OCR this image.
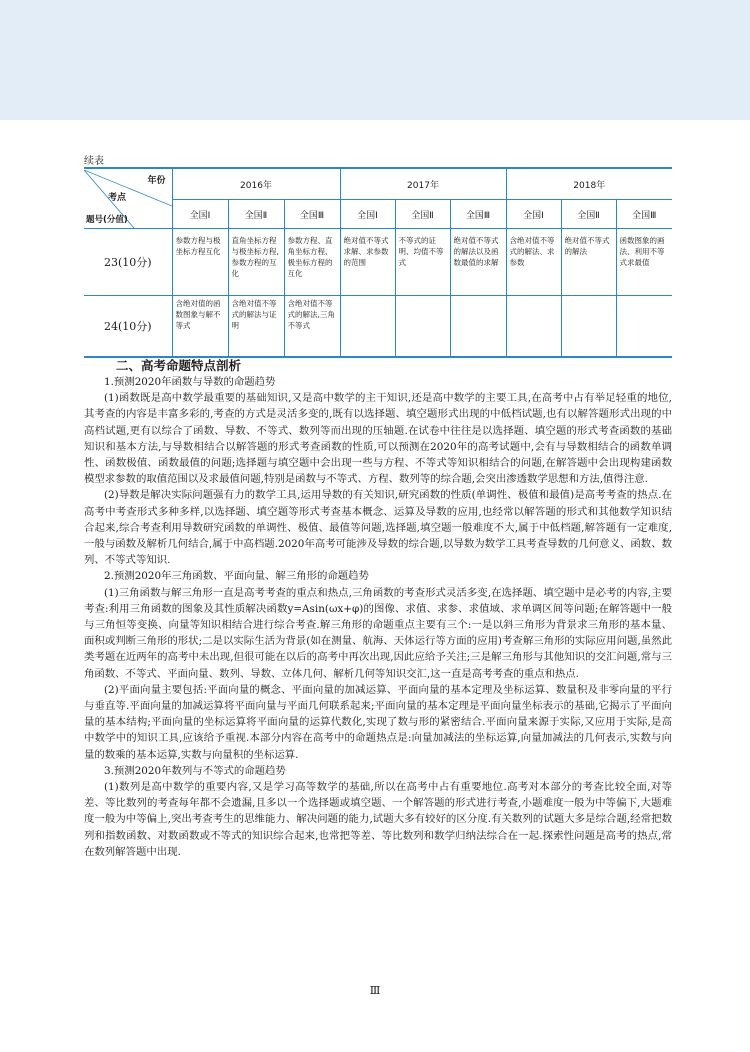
续表
年份
考点
题号(分值)	2016年			2017年			2018年		
	全国Ⅰ	全国Ⅱ	全国Ⅲ	全国Ⅰ	全国Ⅱ	全国Ⅲ	全国Ⅰ	全国Ⅱ	全国Ⅲ
23(10分)	参数方程与极坐标方程互化	直角坐标方程与极坐标方程,参数方程的互化	参数方程、直角坐标方程、极坐标方程的互化	绝对值不等式求解、求参数的范围	不等式的证明、均值不等式	绝对值不等式的解法以及函数最值的求解	含绝对值不等式的解法、求参数	绝对值不等式的解法	函数图象的画法、利用不等式求最值
24(10分)	含绝对值的函数图象与解不等式	含绝对值不等式的解法与证明	含绝对值不等式的解法,三角不等式						
二、高考命题特点剖析

1.预测2020年函数与导数的命题趋势

(1)函数既是高中数学最重要的基础知识,又是高中数学的主干知识,还是高中数学的主要工具,在高考中占有举足轻重的地位,其考查的内容是丰富多彩的,考查的方式是灵活多变的,既有以选择题、填空题形式出现的中低档试题,也有以解答题形式出现的中高档试题,更有以综合了函数、导数、不等式、数列等而出现的压轴题.在试卷中往往是以选择题、填空题的形式考查函数的基础知识和基本方法,与导数相结合以解答题的形式考查函数的性质,可以预测在2020年的高考试题中,会有与导数相结合的函数单调性、函数极值、函数最值的问题;选择题与填空题中会出现一些与方程、不等式等知识相结合的问题,在解答题中会出现构建函数模型求参数的取值范围以及求最值问题,特别是函数与不等式、方程、数列等的综合题,会突出渗透数学思想和方法,值得注意.

(2)导数是解决实际问题强有力的数学工具,运用导数的有关知识,研究函数的性质(单调性、极值和最值)是高考考查的热点.在高考中考查形式多种多样,以选择题、填空题等形式考查基本概念、运算及导数的应用,也经常以解答题的形式和其他数学知识结合起来,综合考查利用导数研究函数的单调性、极值、最值等问题,选择题,填空题一般难度不大,属于中低档题,解答题有一定难度,一般与函数及解析几何结合,属于中高档题.2020年高考可能涉及导数的综合题,以导数为数学工具考查导数的几何意义、函数、数列、不等式等知识.

2.预测2020年三角函数、平面向量、解三角形的命题趋势

(1)三角函数与解三角形一直是高考考查的重点和热点,三角函数的考查形式灵活多变,在选择题、填空题中是必考的内容,主要考查:利用三角函数的图象及其性质解决函数y=Asin(ωx+φ)的图像、求值、求参、求值域、求单调区间等问题;在解答题中一般与三角恒等变换、向量等知识相结合进行综合考查.解三角形的命题重点主要有三个:一是以斜三角形为背景求三角形的基本量、面积或判断三角形的形状;二是以实际生活为背景(如在测量、航海、天体运行等方面的应用)考查解三角形的实际应用问题,虽然此类考题在近两年的高考中未出现,但很可能在以后的高考中再次出现,因此应给予关注;三是解三角形与其他知识的交汇问题,常与三角函数、不等式、平面向量、数列、导数、立体几何、解析几何等知识交汇,这一直是高考考查的重点和热点.

(2)平面向量主要包括:平面向量的概念、平面向量的加减运算、平面向量的基本定理及坐标运算、数量积及非零向量的平行与垂直等.平面向量的加减运算将平面向量与平面几何联系起来;平面向量的基本定理是平面向量坐标表示的基础,它揭示了平面向量的基本结构;平面向量的坐标运算将平面向量的运算代数化,实现了数与形的紧密结合.平面向量来源于实际,又应用于实际,是高中数学中的知识工具,应该给予重视.本部分内容在高考中的命题热点是:向量加减法的坐标运算,向量加减法的几何表示,实数与向量的数乘的基本运算,实数与向量积的坐标运算.

3.预测2020年数列与不等式的命题趋势

(1)数列是高中数学的重要内容,又是学习高等数学的基础,所以在高考中占有重要地位.高考对本部分的考查比较全面,对等差、等比数列的考查每年都不会遗漏,且多以一个选择题或填空题、一个解答题的形式进行考查,小题难度一般为中等偏下,大题难度一般为中等偏上,突出考查考生的思维能力、解决问题的能力,试题大多有较好的区分度.有关数列的试题大多是综合题,经常把数列和指数函数、对数函数或不等式的知识综合起来,也常把等差、等比数列和数学归纳法综合在一起.探索性问题是高考的热点,常在数列解答题中出现.

Ⅲ
